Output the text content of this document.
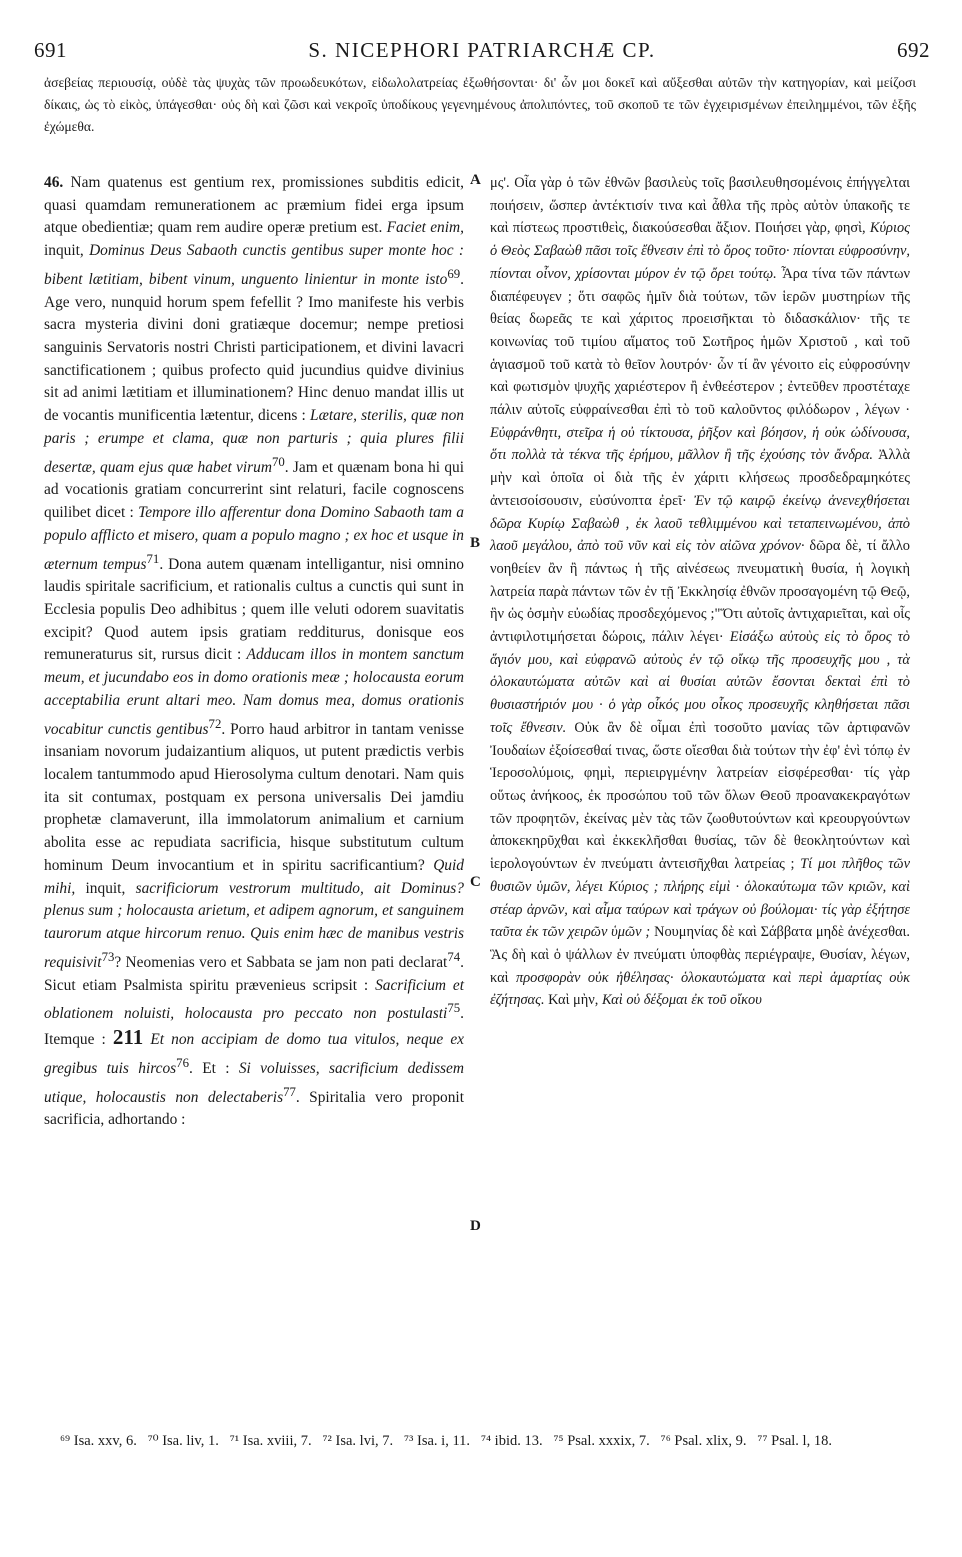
691	S. NICEPHORI PATRIARCHÆ CP.	692
ἀσεβείας περιουσίᾳ, οὐδὲ τὰς ψυχὰς τῶν προωδευκότων, εἰδωλολατρείας ἐξωθήσονται· δι' ὧν μοι δοκεῖ καὶ αὔξεσθαι αὐτῶν τὴν κατηγορίαν, καὶ μείζοσι δίκαις, ὡς τὸ εἰκὸς, ὑπάγεσθαι· οὐς δὴ καὶ ζῶσι καὶ νεκροῖς ὑποδίκους γεγενημένους ἀπολιπόντες, τοῦ σκοποῦ τε τῶν ἐγχειρισμένων ἐπειλημμένοι, τῶν ἑξῆς ἐχώμεθα.
A
B
C
D

46. Nam quatenus est gentium rex, promissiones subditis edicit, quasi quamdam remunerationem ac præmium fidei erga ipsum atque obedientiæ; quam rem audire operæ pretium est. Faciet enim, inquit, Dominus Deus Sabaoth cunctis gentibus super monte hoc : bibent lætitiam, bibent vinum, unguento linientur in monte isto$^{69}$. Age vero, nunquid horum spem fefellit ? Imo manifeste his verbis sacra mysteria divini doni gratiæque docemur; nempe pretiosi sanguinis Servatoris nostri Christi participationem, et divini lavacri sanctificationem ; quibus profecto quid jucundius quidve divinius sit ad animi lætitiam et illuminationem? Hinc denuo mandat illis ut de vocantis munificentia lætentur, dicens : Lætare, sterilis, quæ non paris ; erumpe et clama, quæ non parturis ; quia plures filii desertæ, quam ejus quæ habet virum$^{70}$. Jam et quænam bona hi qui ad vocationis gratiam concurrerint sint relaturi, facile cognoscens quilibet dicet : Tempore illo afferentur dona Domino Sabaoth tam a populo afflicto et misero, quam a populo magno ; ex hoc et usque in æternum tempus$^{71}$. Dona autem quænam intelligantur, nisi omnino laudis spiritale sacrificium, et rationalis cultus a cunctis qui sunt in Ecclesia populis Deo adhibitus ; quem ille veluti odorem suavitatis excipit? Quod autem ipsis gratiam redditurus, donisque eos remuneraturus sit, rursus dicit : Adducam illos in montem sanctum meum, et jucundabo eos in domo orationis meæ ; holocausta eorum acceptabilia erunt altari meo. Nam domus mea, domus orationis vocabitur cunctis gentibus$^{72}$. Porro haud arbitror in tantam venisse insaniam novorum judaizantium aliquos, ut putent prædictis verbis localem tantummodo apud Hierosolyma cultum denotari. Nam quis ita sit contumax, postquam ex persona universalis Dei jamdiu prophetæ clamaverunt, illa immolatorum animalium et carnium abolita esse ac repudiata sacrificia, hisque substitutum cultum hominum Deum invocantium et in spiritu sacrificantium? Quid mihi, inquit, sacrificiorum vestrorum multitudo, ait Dominus? plenus sum ; holocausta arietum, et adipem agnorum, et sanguinem taurorum atque hircorum renuo. Quis enim hæc de manibus vestris requisivit$^{73}$? Neomenias vero et Sabbata se jam non pati declarat$^{74}$. Sicut etiam Psalmista spiritu prævenieus scripsit : Sacrificium et oblationem noluisti, holocausta pro peccato non postulasti$^{75}$. Itemque : 211 Et non accipiam de domo tua vitulos, neque ex gregibus tuis hircos$^{76}$. Et : Si voluisses, sacrificium dedissem utique, holocaustis non delectaberis$^{77}$. Spiritalia vero proponit sacrificia, adhortando :

μς'. Οἷα γὰρ ὁ τῶν ἐθνῶν βασιλεὺς τοῖς βασιλευθησομένοις ἐπήγγελται ποιήσειν, ὥσπερ ἀντέκτισίν τινα καὶ ἆθλα τῆς πρὸς αὐτὸν ὑπακοῆς τε καὶ πίστεως προστιθεὶς, διακούσεσθαι ἄξιον. Ποιήσει γὰρ, φησὶ, Κύριος ὁ Θεὸς Σαβαὼθ πᾶσι τοῖς ἔθνεσιν ἐπὶ τὸ ὄρος τοῦτο· πίονται εὐφροσύνην, πίονται οἶνον, χρίσονται μύρον ἐν τῷ ὄρει τούτῳ. Ἆρα τίνα τῶν πάντων διαπέφευγεν ; ὅτι σαφῶς ἡμῖν διὰ τούτων, τῶν ἱερῶν μυστηρίων τῆς θείας δωρεᾶς τε καὶ χάριτος προεισῆκται τὸ διδασκάλιον· τῆς τε κοινωνίας τοῦ τιμίου αἵματος τοῦ Σωτῆρος ἡμῶν Χριστοῦ , καὶ τοῦ ἁγιασμοῦ τοῦ κατὰ τὸ θεῖον λουτρόν· ὧν τί ἂν γένοιτο εἰς εὐφροσύνην καὶ φωτισμὸν ψυχῆς χαριέστερον ἢ ἐνθεέστερον ; ἐντεῦθεν προστέταχε πάλιν αὐτοῖς εὐφραίνεσθαι ἐπὶ τὸ τοῦ καλοῦντος φιλόδωρον , λέγων · Εὐφράνθητι, στεῖρα ἡ οὐ τίκτουσα, ῥῆξον καὶ βόησον, ἡ οὐκ ὠδίνουσα, ὅτι πολλὰ τὰ τέκνα τῆς ἐρήμου, μᾶλλον ἢ τῆς ἐχούσης τὸν ἄνδρα. Ἀλλὰ μὴν καὶ ὁποῖα οἱ διὰ τῆς ἐν χάριτι κλήσεως προσδεδραμηκότες ἀντεισοίσουσιν, εὐσύνοπτα ἐρεῖ· Ἐν τῷ καιρῷ ἐκείνῳ ἀνενεχθήσεται δῶρα Κυρίῳ Σαβαὼθ , ἐκ λαοῦ τεθλιμμένου καὶ τεταπεινωμένου, ἀπὸ λαοῦ μεγάλου, ἀπὸ τοῦ νῦν καὶ εἰς τὸν αἰῶνα χρόνον· δῶρα δὲ, τί ἄλλο νοηθείεν ἂν ἢ πάντως ἡ τῆς αἰνέσεως πνευματικὴ θυσία, ἡ λογικὴ λατρεία παρὰ πάντων τῶν ἐν τῇ Ἐκκλησίᾳ ἐθνῶν προσαγομένη τῷ Θεῷ, ἣν ὡς ὀσμὴν εὐωδίας προσδεχόμενος ;"Ὅτι αὐτοῖς ἀντιχαριεῖται, καὶ οἷς ἀντιφιλοτιμήσεται δώροις, πάλιν λέγει· Εἰσάξω αὐτοὺς εἰς τὸ ὄρος τὸ ἅγιόν μου, καὶ εὐφρανῶ αὐτοὺς ἐν τῷ οἴκῳ τῆς προσευχῆς μου , τὰ ὁλοκαυτώματα αὐτῶν καὶ αἱ θυσίαι αὐτῶν ἔσονται δεκταὶ ἐπὶ τὸ θυσιαστήριόν μου · ὁ γὰρ οἶκός μου οἶκος προσευχῆς κληθήσεται πᾶσι τοῖς ἔθνεσιν. Οὐκ ἂν δὲ οἶμαι ἐπὶ τοσοῦτο μανίας τῶν ἀρτιφανῶν Ἰουδαίων ἐξοίσεσθαί τινας, ὥστε οἴεσθαι διὰ τούτων τὴν ἐφ' ἑνὶ τόπῳ ἐν Ἱεροσολύμοις, φημὶ, περιειργμένην λατρείαν εἰσφέρεσθαι· τίς γὰρ οὕτως ἀνήκοος, ἐκ προσώπου τοῦ τῶν ὅλων Θεοῦ προανακεκραγότων τῶν προφητῶν, ἐκείνας μὲν τὰς τῶν ζωοθυτούντων καὶ κρεουργούντων ἀποκεκηρῦχθαι καὶ ἐκκεκλῆσθαι θυσίας, τῶν δὲ θεοκλητούντων καὶ ἱερολογούντων ἐν πνεύματι ἀντεισῆχθαι λατρείας ; Τί μοι πλῆθος τῶν θυσιῶν ὑμῶν, λέγει Κύριος ; πλήρης εἰμὶ · ὁλοκαύτωμα τῶν κριῶν, καὶ στέαρ ἀρνῶν, καὶ αἷμα ταύρων καὶ τράγων οὐ βούλομαι· τίς γὰρ ἐξήτησε ταῦτα ἐκ τῶν χειρῶν ὑμῶν ; Νουμηνίας δὲ καὶ Σάββατα μηδὲ ἀνέχεσθαι. Ἃς δὴ καὶ ὁ ψάλλων ἐν πνεύματι ὑποφθὰς περιέγραψε, Θυσίαν, λέγων, καὶ προσφορὰν οὐκ ἠθέλησας· ὁλοκαυτώματα καὶ περὶ ἁμαρτίας οὐκ ἐζήτησας. Καὶ μὴν, Καὶ οὐ δέξομαι ἐκ τοῦ οἴκου

⁶⁹ Isa. xxv, 6. ⁷⁰ Isa. liv, 1. ⁷¹ Isa. xviii, 7. ⁷² Isa. lvi, 7. ⁷³ Isa. i, 11. ⁷⁴ ibid. 13. ⁷⁵ Psal. xxxix, 7. ⁷⁶ Psal. xlix, 9. ⁷⁷ Psal. l, 18.
